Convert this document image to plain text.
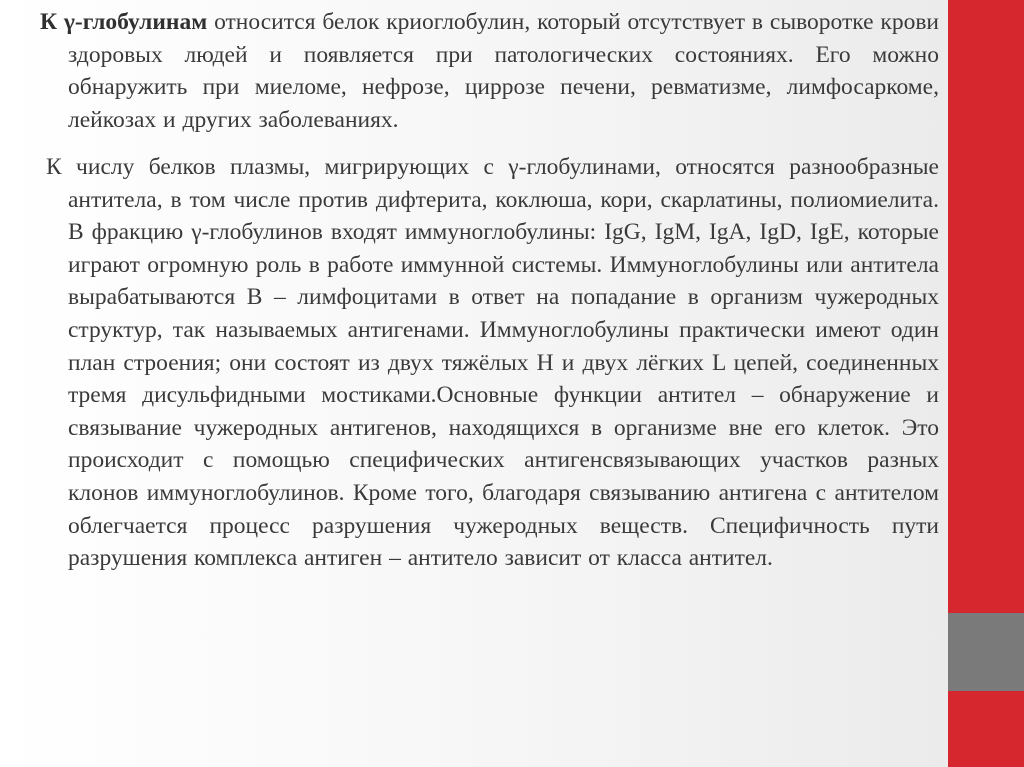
К γ-глобулинам относится белок криоглобулин, который отсутствует в сыворотке крови здоровых людей и появляется при патологических состояниях. Его можно обнаружить при миеломе, нефрозе, циррозе печени, ревматизме, лимфосаркоме, лейкозах и других заболеваниях.

К числу белков плазмы, мигрирующих с γ-глобулинами, относятся разнообразные антитела, в том числе против дифтерита, коклюша, кори, скарлатины, полиомиелита. В фракцию γ-глобулинов входят иммуноглобулины: IgG, IgM, IgA, IgD, IgE, которые играют огромную роль в работе иммунной системы. Иммуноглобулины или антитела вырабатываются В – лимфоцитами в ответ на попадание в организм чужеродных структур, так называемых антигенами. Иммуноглобулины практически имеют один план строения; они состоят из двух тяжёлых Н и двух лёгких L цепей, соединенных тремя дисульфидными мостиками.Основные функции антител – обнаружение и связывание чужеродных антигенов, находящихся в организме вне его клеток. Это происходит с помощью специфических антигенсвязывающих участков разных клонов иммуноглобулинов. Кроме того, благодаря связыванию антигена с антителом облегчается процесс разрушения чужеродных веществ. Специфичность пути разрушения комплекса антиген – антитело зависит от класса антител.
